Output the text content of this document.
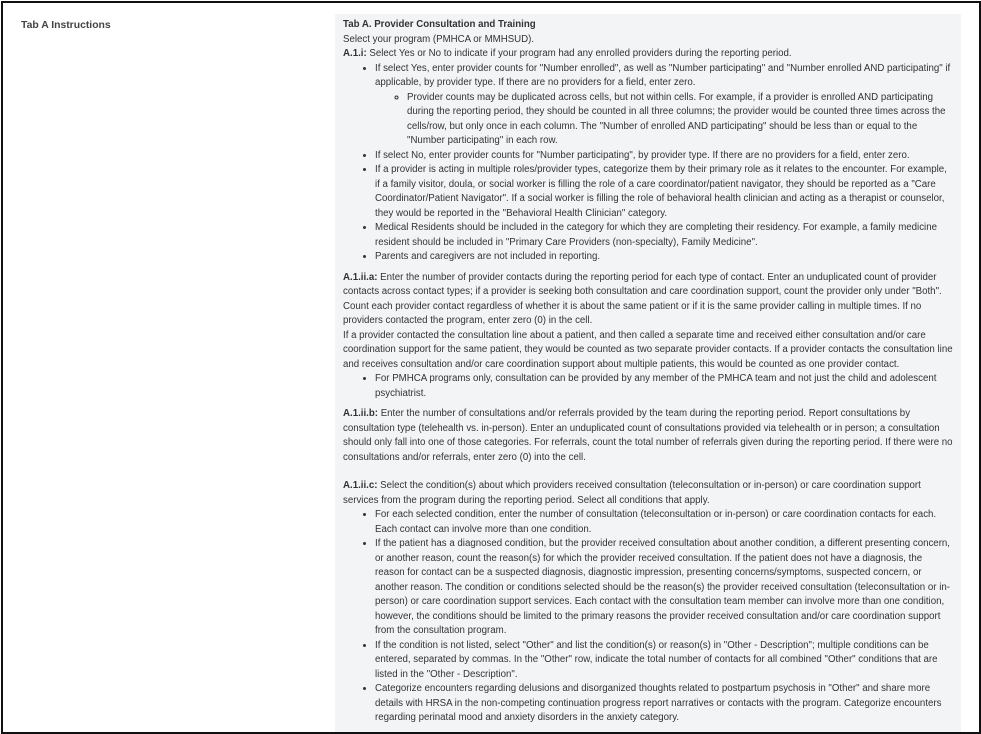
Tab A Instructions	Tab A. Provider Consultation and Training

Select your program (PMHCA or MMHSUD).

A.1.i: Select Yes or No to indicate if your program had any enrolled providers during the reporting period.

• If select Yes, enter provider counts for "Number enrolled", as well as "Number participating" and "Number enrolled AND participating" if applicable, by provider type. If there are no providers for a field, enter zero.
◦ Provider counts may be duplicated across cells, but not within cells. For example, if a provider is enrolled AND participating during the reporting period, they should be counted in all three columns; the provider would be counted three times across the cells/row, but only once in each column. The "Number of enrolled AND participating" should be less than or equal to the "Number participating" in each row.
• If select No, enter provider counts for "Number participating", by provider type. If there are no providers for a field, enter zero.
• If a provider is acting in multiple roles/provider types, categorize them by their primary role as it relates to the encounter. For example, if a family visitor, doula, or social worker is filling the role of a care coordinator/patient navigator, they should be reported as a "Care Coordinator/Patient Navigator". If a social worker is filling the role of behavioral health clinician and acting as a therapist or counselor, they would be reported in the "Behavioral Health Clinician" category.
• Medical Residents should be included in the category for which they are completing their residency. For example, a family medicine resident should be included in "Primary Care Providers (non-specialty), Family Medicine".
• Parents and caregivers are not included in reporting.

A.1.ii.a: Enter the number of provider contacts during the reporting period for each type of contact. Enter an unduplicated count of provider contacts across contact types; if a provider is seeking both consultation and care coordination support, count the provider only under "Both". Count each provider contact regardless of whether it is about the same patient or if it is the same provider calling in multiple times. If no providers contacted the program, enter zero (0) in the cell.

If a provider contacted the consultation line about a patient, and then called a separate time and received either consultation and/or care coordination support for the same patient, they would be counted as two separate provider contacts. If a provider contacts the consultation line and receives consultation and/or care coordination support about multiple patients, this would be counted as one provider contact.

• For PMHCA programs only, consultation can be provided by any member of the PMHCA team and not just the child and adolescent psychiatrist.

A.1.ii.b: Enter the number of consultations and/or referrals provided by the team during the reporting period. Report consultations by consultation type (telehealth vs. in-person). Enter an unduplicated count of consultations provided via telehealth or in person; a consultation should only fall into one of those categories. For referrals, count the total number of referrals given during the reporting period. If there were no consultations and/or referrals, enter zero (0) into the cell.

A.1.ii.c: Select the condition(s) about which providers received consultation (teleconsultation or in-person) or care coordination support services from the program during the reporting period. Select all conditions that apply.

• For each selected condition, enter the number of consultation (teleconsultation or in-person) or care coordination contacts for each. Each contact can involve more than one condition.
• If the patient has a diagnosed condition, but the provider received consultation about another condition, a different presenting concern, or another reason, count the reason(s) for which the provider received consultation. If the patient does not have a diagnosis, the reason for contact can be a suspected diagnosis, diagnostic impression, presenting concerns/symptoms, suspected concern, or another reason. The condition or conditions selected should be the reason(s) the provider received consultation (teleconsultation or in-person) or care coordination support services. Each contact with the consultation team member can involve more than one condition, however, the conditions should be limited to the primary reasons the provider received consultation and/or care coordination support from the consultation program.
• If the condition is not listed, select "Other" and list the condition(s) or reason(s) in "Other - Description"; multiple conditions can be entered, separated by commas. In the "Other" row, indicate the total number of contacts for all combined "Other" conditions that are listed in the "Other - Description".
• Categorize encounters regarding delusions and disorganized thoughts related to postpartum psychosis in "Other" and share more details with HRSA in the non-competing continuation progress report narratives or contacts with the program. Categorize encounters regarding perinatal mood and anxiety disorders in the anxiety category.
